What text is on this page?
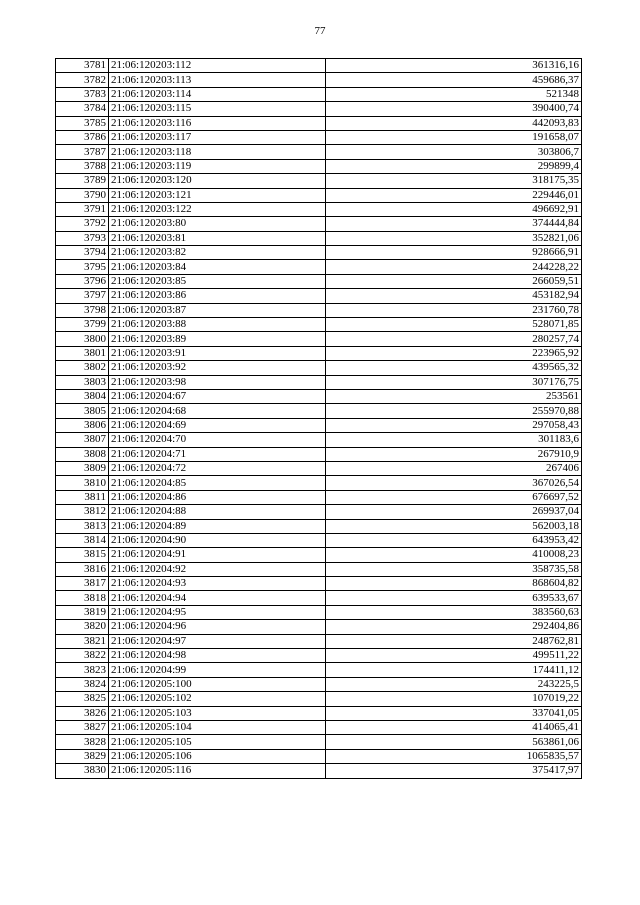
77
3781	21:06:120203:112	361316,16
3782	21:06:120203:113	459686,37
3783	21:06:120203:114	521348
3784	21:06:120203:115	390400,74
3785	21:06:120203:116	442093,83
3786	21:06:120203:117	191658,07
3787	21:06:120203:118	303806,7
3788	21:06:120203:119	299899,4
3789	21:06:120203:120	318175,35
3790	21:06:120203:121	229446,01
3791	21:06:120203:122	496692,91
3792	21:06:120203:80	374444,84
3793	21:06:120203:81	352821,06
3794	21:06:120203:82	928666,91
3795	21:06:120203:84	244228,22
3796	21:06:120203:85	266059,51
3797	21:06:120203:86	453182,94
3798	21:06:120203:87	231760,78
3799	21:06:120203:88	528071,85
3800	21:06:120203:89	280257,74
3801	21:06:120203:91	223965,92
3802	21:06:120203:92	439565,32
3803	21:06:120203:98	307176,75
3804	21:06:120204:67	253561
3805	21:06:120204:68	255970,88
3806	21:06:120204:69	297058,43
3807	21:06:120204:70	301183,6
3808	21:06:120204:71	267910,9
3809	21:06:120204:72	267406
3810	21:06:120204:85	367026,54
3811	21:06:120204:86	676697,52
3812	21:06:120204:88	269937,04
3813	21:06:120204:89	562003,18
3814	21:06:120204:90	643953,42
3815	21:06:120204:91	410008,23
3816	21:06:120204:92	358735,58
3817	21:06:120204:93	868604,82
3818	21:06:120204:94	639533,67
3819	21:06:120204:95	383560,63
3820	21:06:120204:96	292404,86
3821	21:06:120204:97	248762,81
3822	21:06:120204:98	499511,22
3823	21:06:120204:99	174411,12
3824	21:06:120205:100	243225,5
3825	21:06:120205:102	107019,22
3826	21:06:120205:103	337041,05
3827	21:06:120205:104	414065,41
3828	21:06:120205:105	563861,06
3829	21:06:120205:106	1065835,57
3830	21:06:120205:116	375417,97
